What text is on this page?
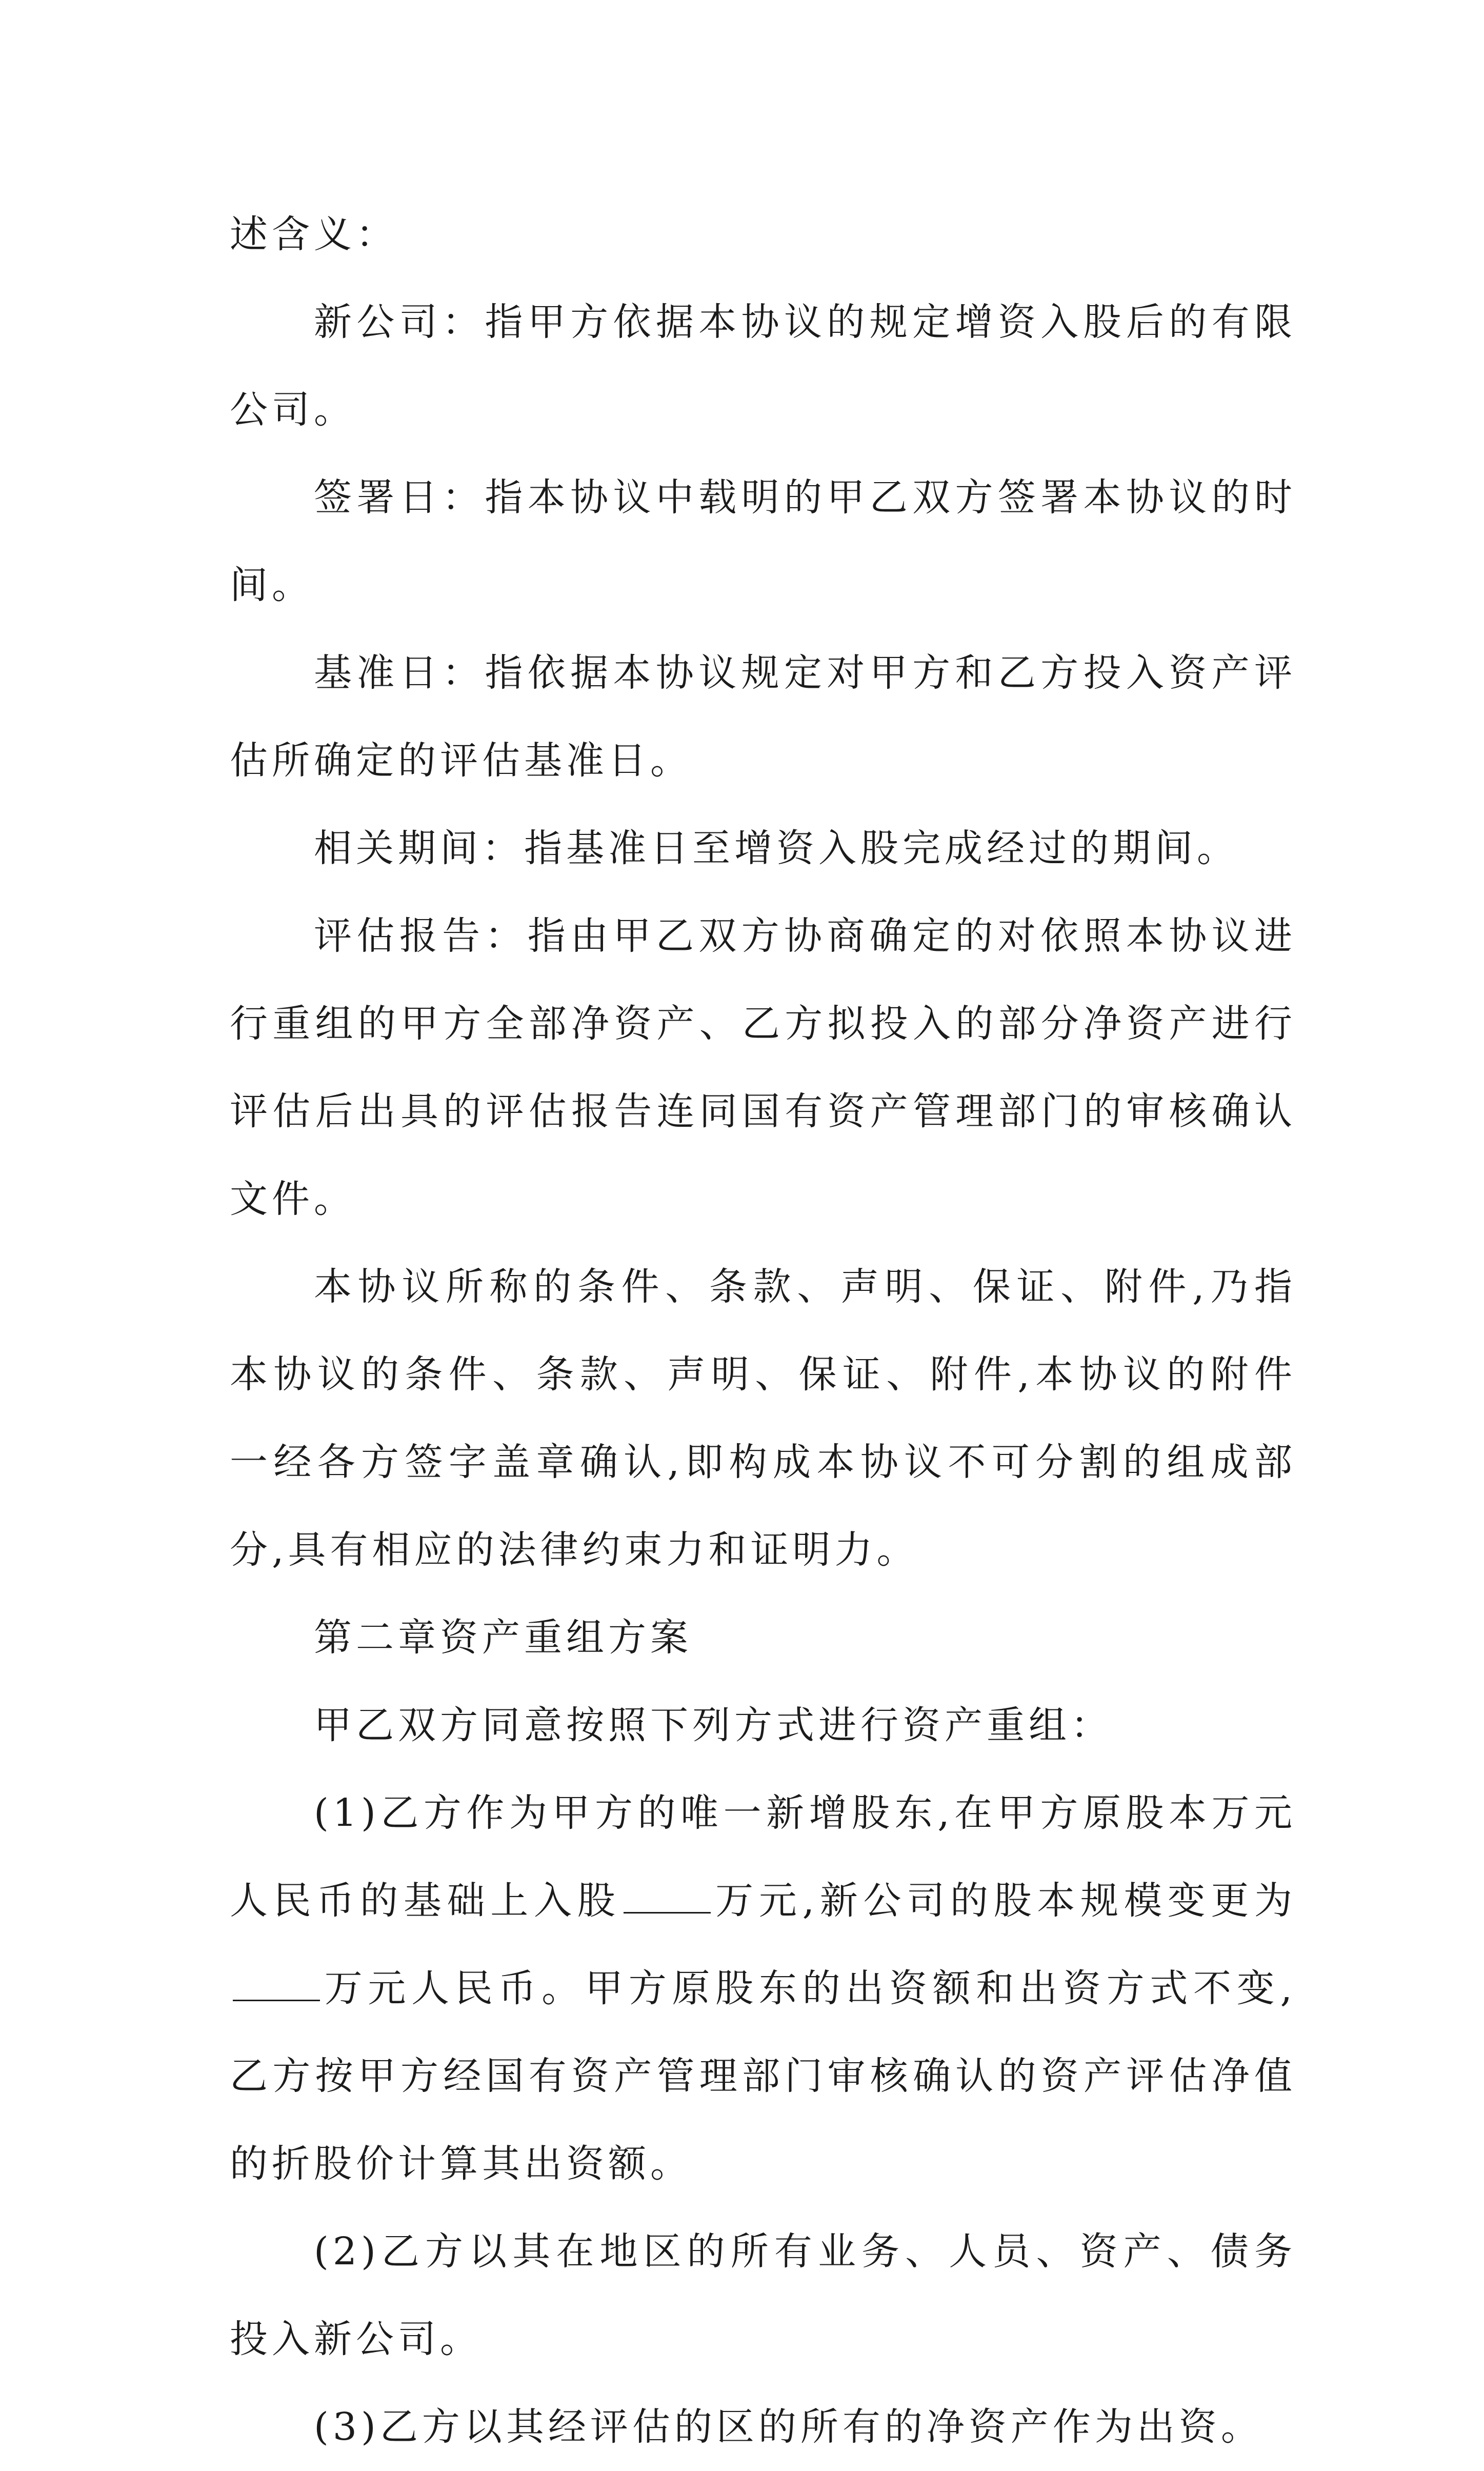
述含义：

新公司：指甲方依据本协议的规定增资入股后的有限公司。

签署日：指本协议中载明的甲乙双方签署本协议的时间。

基准日：指依据本协议规定对甲方和乙方投入资产评估所确定的评估基准日。

相关期间：指基准日至增资入股完成经过的期间。

评估报告：指由甲乙双方协商确定的对依照本协议进行重组的甲方全部净资产、乙方拟投入的部分净资产进行评估后出具的评估报告连同国有资产管理部门的审核确认文件。

本协议所称的条件、条款、声明、保证、附件,乃指本协议的条件、条款、声明、保证、附件,本协议的附件一经各方签字盖章确认,即构成本协议不可分割的组成部分,具有相应的法律约束力和证明力。

第二章资产重组方案

甲乙双方同意按照下列方式进行资产重组：

(1)乙方作为甲方的唯一新增股东,在甲方原股本万元人民币的基础上入股 万元,新公司的股本规模变更为万元人民币。甲方原股东的出资额和出资方式不变,乙方按甲方经国有资产管理部门审核确认的资产评估净值的折股价计算其出资额。

(2)乙方以其在地区的所有业务、人员、资产、债务投入新公司。

(3)乙方以其经评估的区的所有的净资产作为出资。
